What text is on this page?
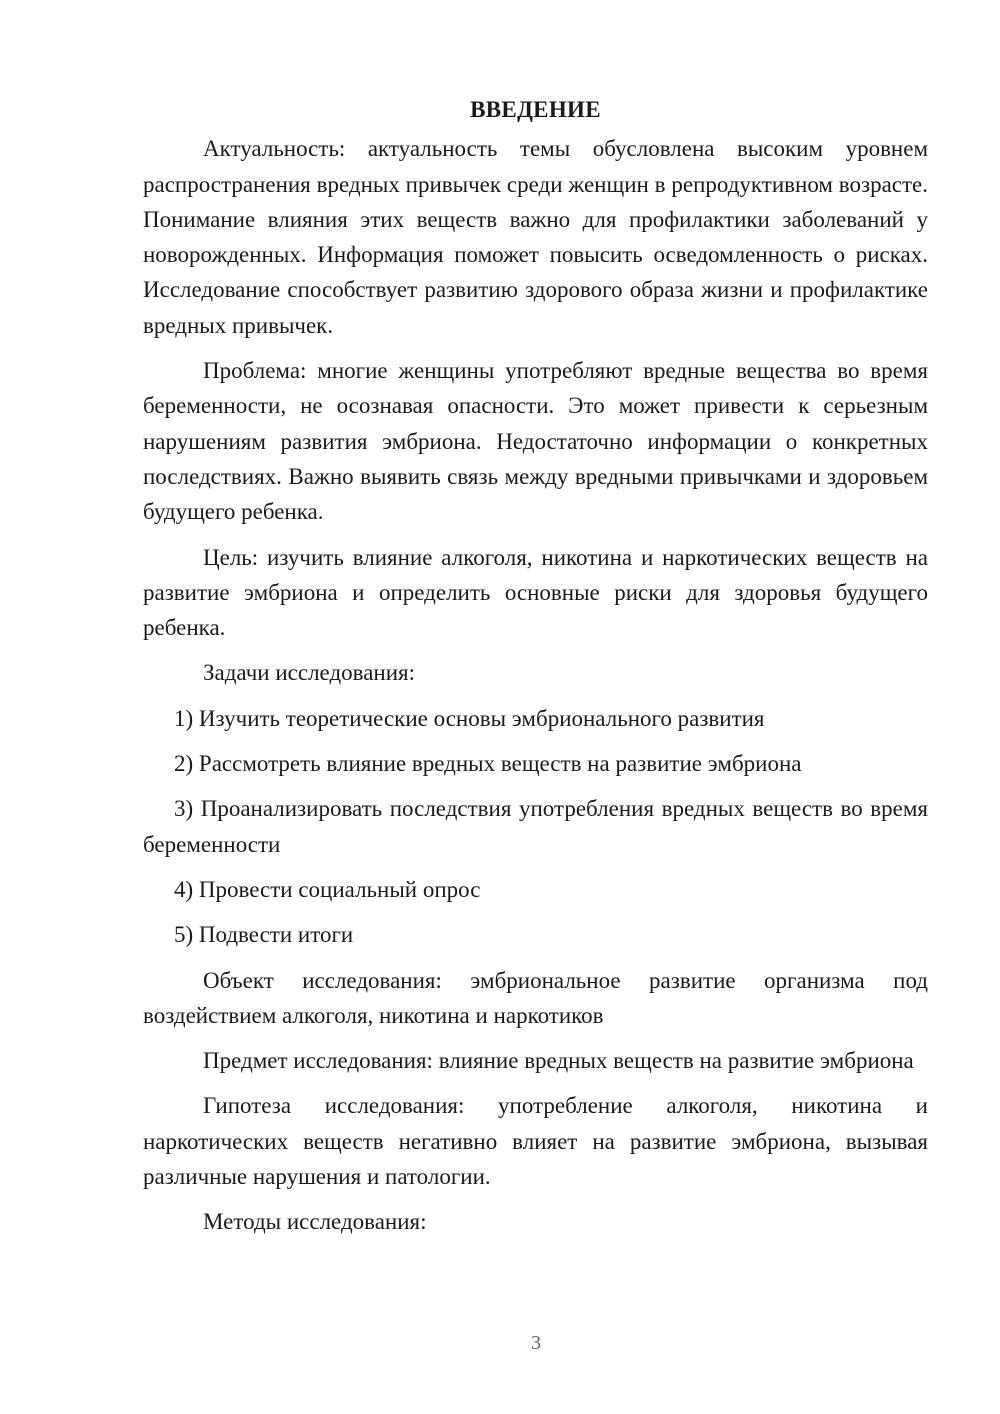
ВВЕДЕНИЕ

Актуальность: актуальность темы обусловлена высоким уровнем распространения вредных привычек среди женщин в репродуктивном возрасте. Понимание влияния этих веществ важно для профилактики заболеваний у новорожденных. Информация поможет повысить осведомленность о рисках. Исследование способствует развитию здорового образа жизни и профилактике вредных привычек.

Проблема: многие женщины употребляют вредные вещества во время беременности, не осознавая опасности. Это может привести к серьезным нарушениям развития эмбриона. Недостаточно информации о конкретных последствиях. Важно выявить связь между вредными привычками и здоровьем будущего ребенка.

Цель: изучить влияние алкоголя, никотина и наркотических веществ на развитие эмбриона и определить основные риски для здоровья будущего ребенка.

Задачи исследования:

1) Изучить теоретические основы эмбрионального развития

2) Рассмотреть влияние вредных веществ на развитие эмбриона

3) Проанализировать последствия употребления вредных веществ во время беременности

4) Провести социальный опрос

5) Подвести итоги

Объект исследования: эмбриональное развитие организма под воздействием алкоголя, никотина и наркотиков

Предмет исследования: влияние вредных веществ на развитие эмбриона

Гипотеза исследования: употребление алкоголя, никотина и наркотических веществ негативно влияет на развитие эмбриона, вызывая различные нарушения и патологии.

Методы исследования:

3
